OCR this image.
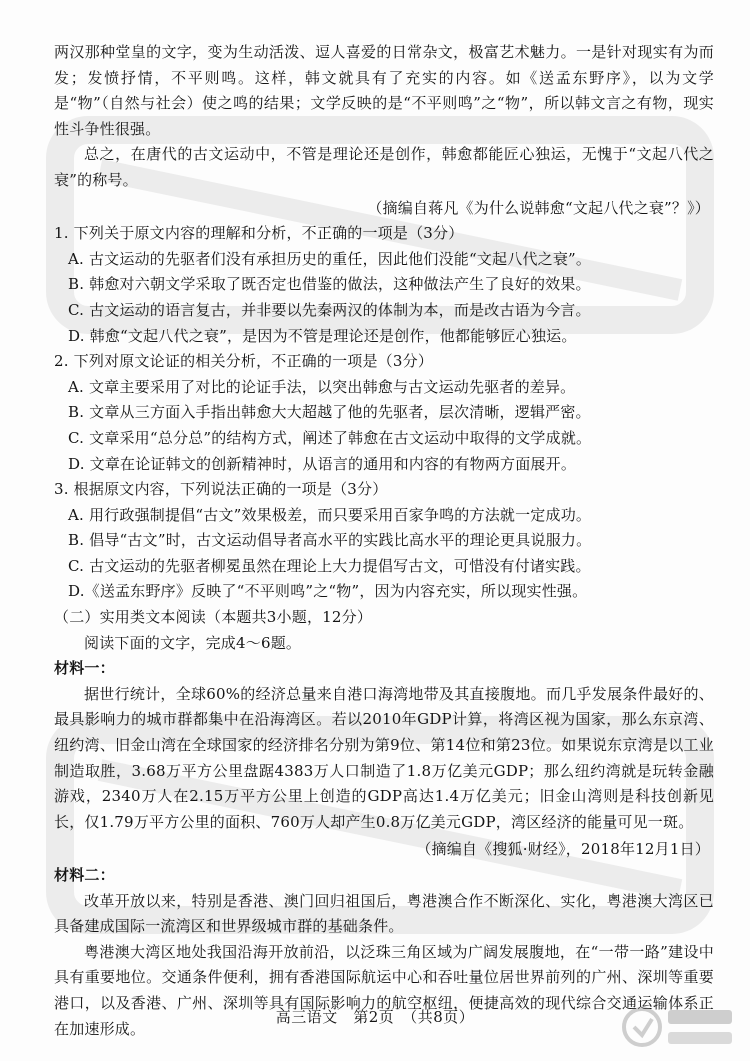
两汉那种堂皇的文字，变为生动活泼、逗人喜爱的日常杂文，极富艺术魅力。一是针对现实有为而发；发愤抒情，不平则鸣。这样，韩文就具有了充实的内容。如《送孟东野序》，以为文学是“物”（自然与社会）使之鸣的结果；文学反映的是“不平则鸣”之“物”，所以韩文言之有物，现实性斗争性很强。

总之，在唐代的古文运动中，不管是理论还是创作，韩愈都能匠心独运，无愧于“文起八代之衰”的称号。

（摘编自蒋凡《为什么说韩愈“文起八代之衰”？》）

1. 下列关于原文内容的理解和分析，不正确的一项是（3分）

A. 古文运动的先驱者们没有承担历史的重任，因此他们没能“文起八代之衰”。

B. 韩愈对六朝文学采取了既否定也借鉴的做法，这种做法产生了良好的效果。

C. 古文运动的语言复古，并非要以先秦两汉的体制为本，而是改古语为今言。

D. 韩愈“文起八代之衰”，是因为不管是理论还是创作，他都能够匠心独运。

2. 下列对原文论证的相关分析，不正确的一项是（3分）

A. 文章主要采用了对比的论证手法，以突出韩愈与古文运动先驱者的差异。

B. 文章从三方面入手指出韩愈大大超越了他的先驱者，层次清晰，逻辑严密。

C. 文章采用“总分总”的结构方式，阐述了韩愈在古文运动中取得的文学成就。

D. 文章在论证韩文的创新精神时，从语言的通用和内容的有物两方面展开。

3. 根据原文内容，下列说法正确的一项是（3分）

A. 用行政强制提倡“古文”效果极差，而只要采用百家争鸣的方法就一定成功。

B. 倡导“古文”时，古文运动倡导者高水平的实践比高水平的理论更具说服力。

C. 古文运动的先驱者柳冕虽然在理论上大力提倡写古文，可惜没有付诸实践。

D.《送孟东野序》反映了“不平则鸣”之“物”，因为内容充实，所以现实性强。

（二）实用类文本阅读（本题共3小题，12分）

阅读下面的文字，完成4～6题。

材料一：

据世行统计，全球60%的经济总量来自港口海湾地带及其直接腹地。而几乎发展条件最好的、最具影响力的城市群都集中在沿海湾区。若以2010年GDP计算，将湾区视为国家，那么东京湾、纽约湾、旧金山湾在全球国家的经济排名分别为第9位、第14位和第23位。如果说东京湾是以工业制造取胜，3.68万平方公里盘踞4383万人口制造了1.8万亿美元GDP；那么纽约湾就是玩转金融游戏，2340万人在2.15万平方公里上创造的GDP高达1.4万亿美元；旧金山湾则是科技创新见长，仅1.79万平方公里的面积、760万人却产生0.8万亿美元GDP，湾区经济的能量可见一斑。

（摘编自《搜狐·财经》，2018年12月1日）

材料二：

改革开放以来，特别是香港、澳门回归祖国后，粤港澳合作不断深化、实化，粤港澳大湾区已具备建成国际一流湾区和世界级城市群的基础条件。

粤港澳大湾区地处我国沿海开放前沿，以泛珠三角区域为广阔发展腹地，在“一带一路”建设中具有重要地位。交通条件便利，拥有香港国际航运中心和吞吐量位居世界前列的广州、深圳等重要港口，以及香港、广州、深圳等具有国际影响力的航空枢纽，便捷高效的现代综合交通运输体系正在加速形成。

高三语文　第2页　（共8页）
